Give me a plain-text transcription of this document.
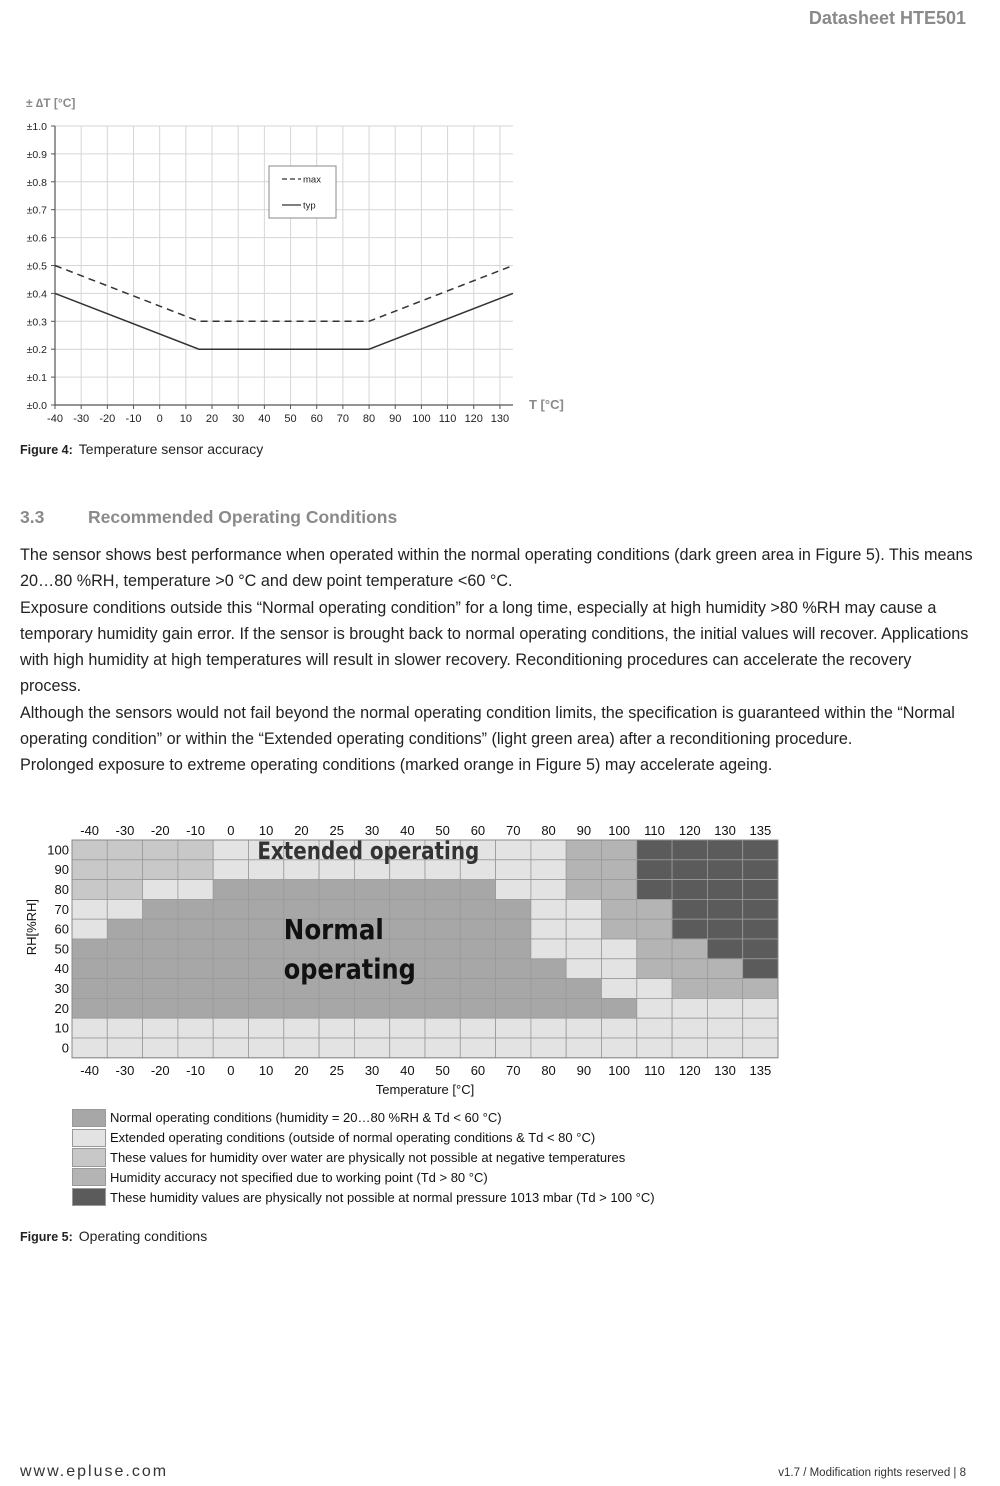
Datasheet HTE501
±0.0
±0.1
±0.2
±0.3
±0.4
±0.5
±0.6
±0.7
±0.8
±0.9
±1.0
-40 -30 -20 -10 0 10 20 30 40 50 60 70 80 90 100 110 120 130
± ∆T [°C]
T [°C]
max
typ
Figure 4: Temperature sensor accuracy
3.3 Recommended Operating Conditions

The sensor shows best performance when operated within the normal operating conditions (dark green area in Figure 5). This means 20…80 %RH, temperature >0 °C and dew point temperature <60 °C.

Exposure conditions outside this “Normal operating condition” for a long time, especially at high humidity >80 %RH may cause a temporary humidity gain error. If the sensor is brought back to normal operating conditions, the initial values will recover. Applications with high humidity at high temperatures will result in slower recovery. Reconditioning procedures can accelerate the recovery process.

Although the sensors would not fail beyond the normal operating condition limits, the specification is guaranteed within the “Normal operating condition” or within the “Extended operating conditions” (light green area) after a reconditioning procedure.

Prolonged exposure to extreme operating conditions (marked orange in Figure 5) may accelerate ageing.

-40
-40
-30
-30
-20
-20
-10
-10
0
0
10
10
20
20
25
25
30
30
40
40
50
50
60
60
70
70
80
80
90
90
100
100
110
110
120
120
130
130
135
135
100
90
80
70
60
50
40
30
20
10
0
Temperature [°C]
RH[%RH]
Extended operating
Normal
operating
Normal operating conditions (humidity = 20…80 %RH & Td < 60 °C)
Extended operating conditions (outside of normal operating conditions & Td < 80 °C)
These values for humidity over water are physically not possible at negative temperatures
Humidity accuracy not specified due to working point (Td > 80 °C)
These humidity values are physically not possible at normal pressure 1013 mbar (Td > 100 °C)
Figure 5: Operating conditions
www.epluse.com	v1.7 / Modification rights reserved | 8
